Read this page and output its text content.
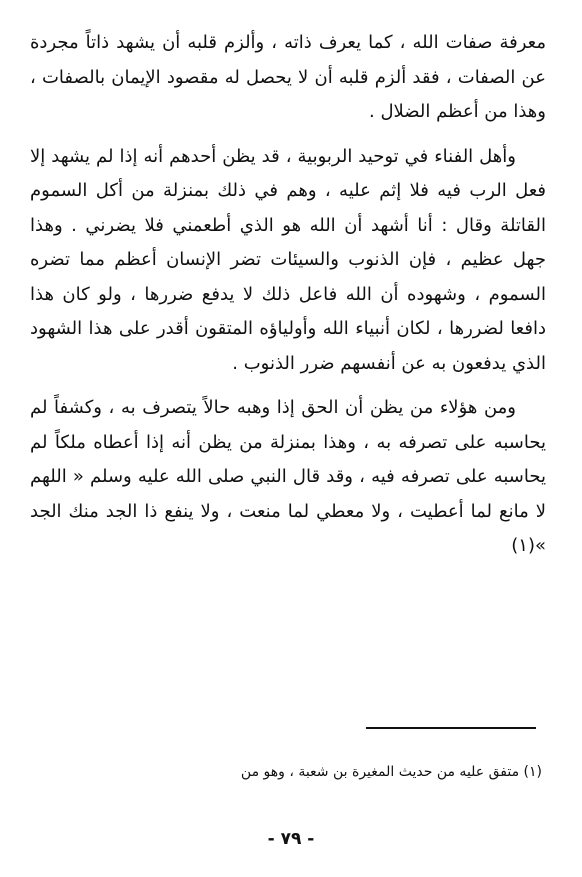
معرفة صفات الله ، كما يعرف ذاته ، وألزم قلبه أن يشهد ذاتاً مجردة عن الصفات ، فقد ألزم قلبه أن لا يحصل له مقصود الإيمان بالصفات ، وهذا من أعظم الضلال .

وأهل الفناء في توحيد الربوبية ، قد يظن أحدهم أنه إذا لم يشهد إلا فعل الرب فيه فلا إثم عليه ، وهم في ذلك بمنزلة من أكل السموم القاتلة وقال : أنا أشهد أن الله هو الذي أطعمني فلا يضرني . وهذا جهل عظيم ، فإن الذنوب والسيئات تضر الإنسان أعظم مما تضره السموم ، وشهوده أن الله فاعل ذلك لا يدفع ضررها ، ولو كان هذا دافعا لضررها ، لكان أنبياء الله وأولياؤه المتقون أقدر على هذا الشهود الذي يدفعون به عن أنفسهم ضرر الذنوب .

ومن هؤلاء من يظن أن الحق إذا وهبه حالاً يتصرف به ، وكشفاً لم يحاسبه على تصرفه به ، وهذا بمنزلة من يظن أنه إذا أعطاه ملكاً لم يحاسبه على تصرفه فيه ، وقد قال النبي صلى الله عليه وسلم « اللهم لا مانع لما أعطيت ، ولا معطي لما منعت ، ولا ينفع ذا الجد منك الجد »(١)

(١) متفق عليه من حديث المغيرة بن شعبة ، وهو من

- ٧٩ -
